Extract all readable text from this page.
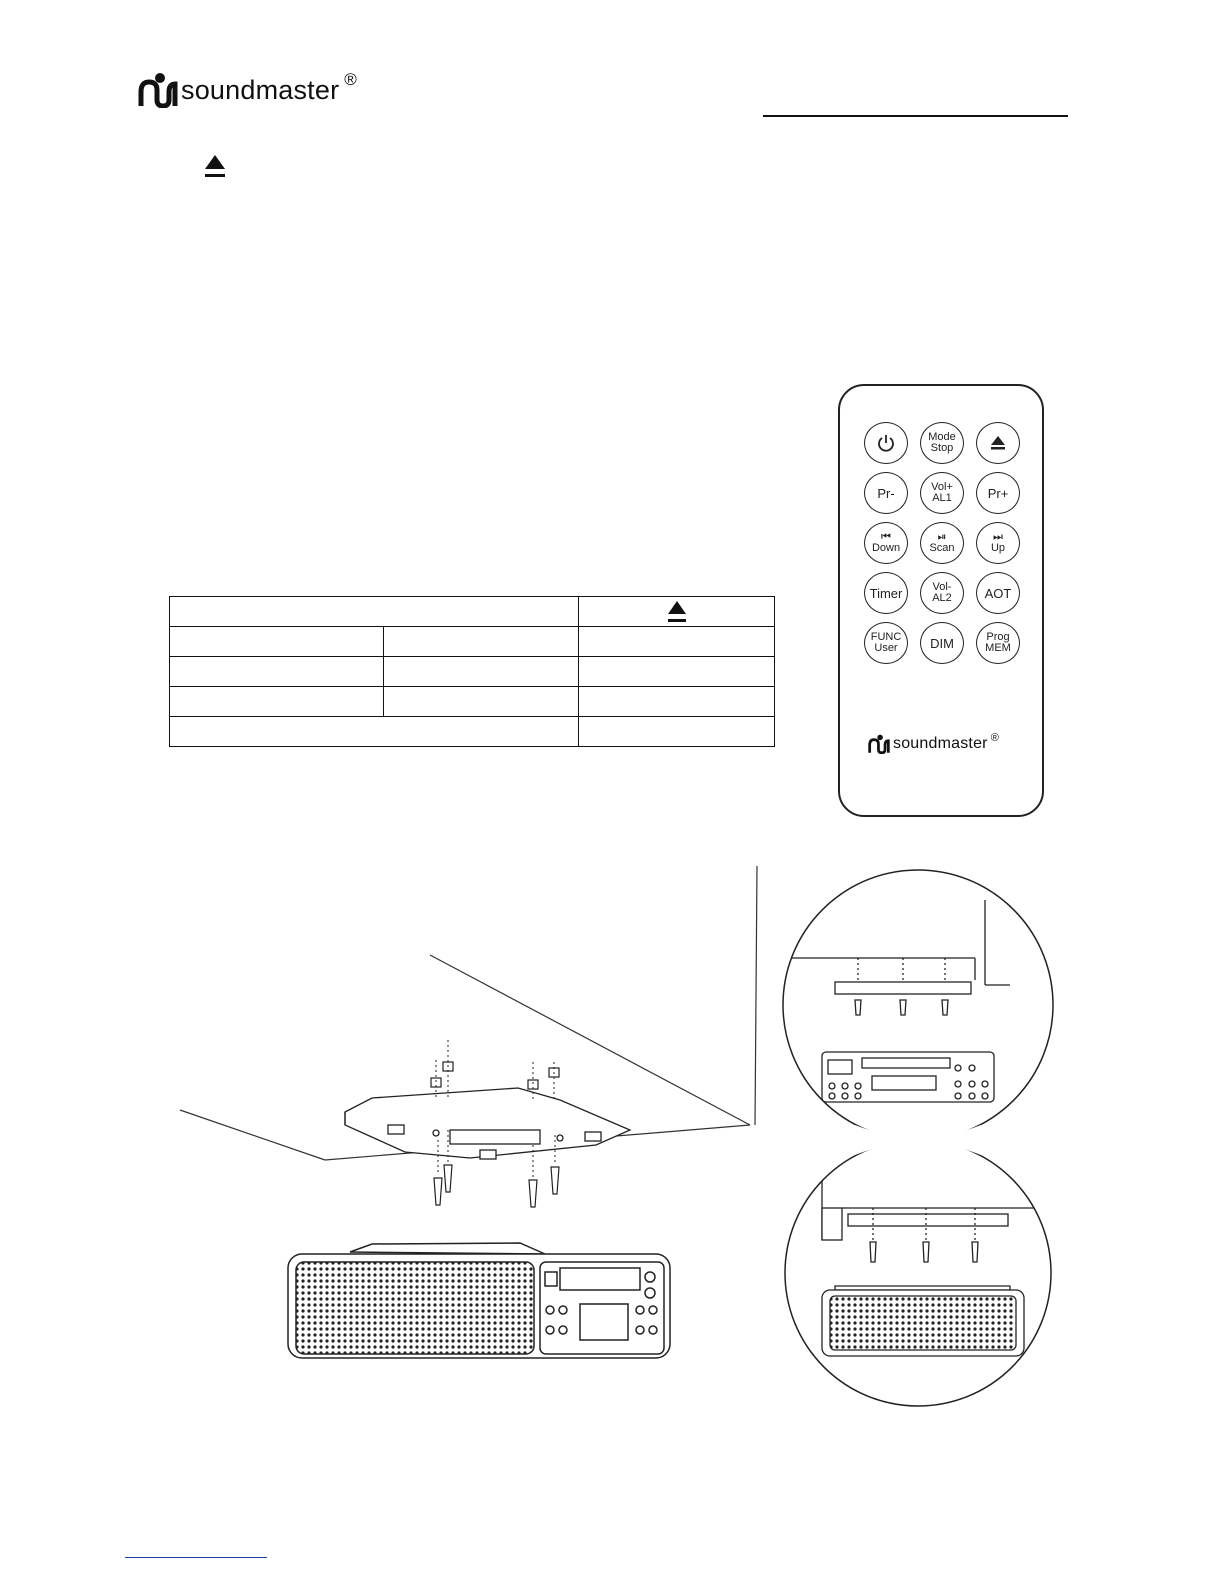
soundmaster ®

Mode
Stop
Pr-	Vol+
AL1	Pr+
⏮
Down
⏯
Scan
⏭
Up
Timer	Vol-
AL2	AOT
FUNC
User DIM	Prog
MEM
soundmaster ®
